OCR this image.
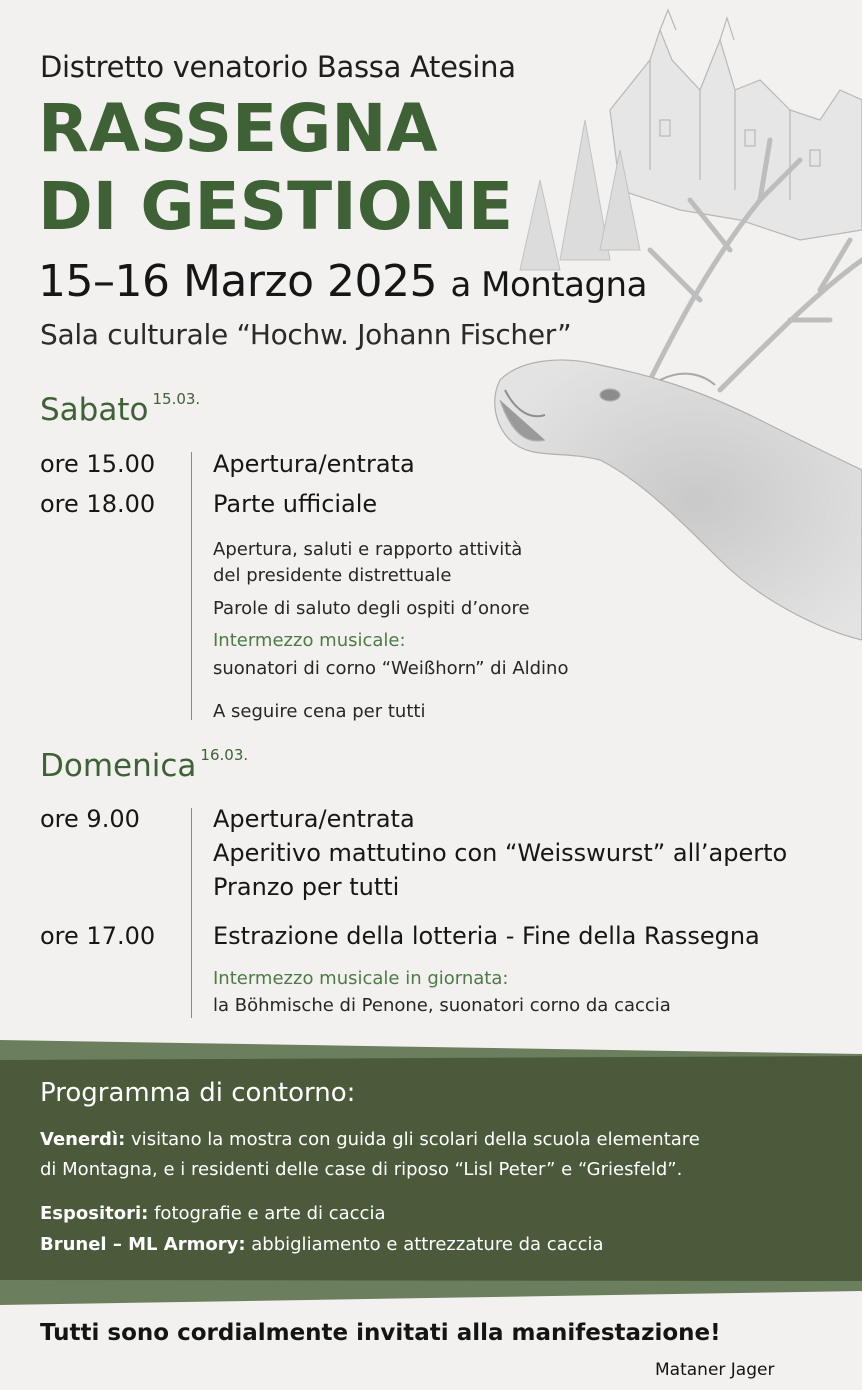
Distretto venatorio Bassa Atesina
RASSEGNA
DI GESTIONE
15–16 Marzo 2025 a Montagna
Sala culturale “Hochw. Johann Fischer”
Sabato $^{15.03.}$
ore 15.00 Apertura/entrata
ore 18.00 Parte ufficiale
Apertura, saluti e rapporto attività
del presidente distrettuale
Parole di saluto degli ospiti d’onore
Intermezzo musicale:
suonatori di corno “Weißhorn” di Aldino
A seguire cena per tutti
Domenica $^{16.03.}$
ore 9.00	Apertura/entrata
Aperitivo mattutino con “Weisswurst” all’aperto
Pranzo per tutti
ore 17.00 Estrazione della lotteria - Fine della Rassegna
Intermezzo musicale in giornata:
la Böhmische di Penone, suonatori corno da caccia
Programma di contorno:
Venerdì: visitano la mostra con guida gli scolari della scuola elementare
di Montagna, e i residenti delle case di riposo “Lisl Peter” e “Griesfeld”.
Espositori: fotografie e arte di caccia
Brunel – ML Armory: abbigliamento e attrezzature da caccia
Tutti sono cordialmente invitati alla manifestazione!
Mataner Jager
